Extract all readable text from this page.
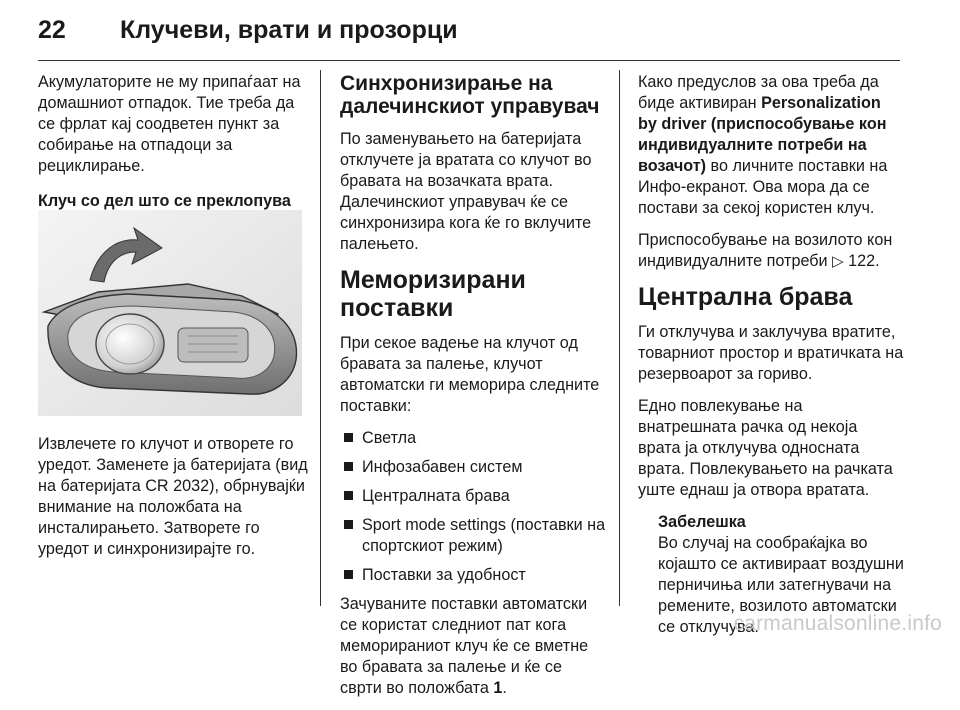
22 Клучеви, врати и прозорци

Акумулаторите не му припаѓаат на домашниот отпадок. Тие треба да се фрлат кај соодветен пункт за собирање на отпадоци за рециклирање.

Клуч со дел што се преклопува

Извлечете го клучот и отворете го уредот. Заменете ја батеријата (вид на батеријата CR 2032), обрнувајќи внимание на положбата на инсталирањето. Затворете го уредот и синхронизирајте го.

Синхронизирање на далечинскиот управувач

По заменувањето на батеријата отклучете ја вратата со клучот во бравата на возачката врата. Далечинскиот управувач ќе се синхронизира кога ќе го вклучите палењето.

Меморизирани поставки

При секое вадење на клучот од бравата за палење, клучот автоматски ги меморира следните поставки:

Светла
Инфозабавен систем
Централната брава
Sport mode settings (поставки на спортскиот режим)
Поставки за удобност

Зачуваните поставки автоматски се користат следниот пат кога меморираниот клуч ќе се вметне во бравата за палење и ќе се сврти во положбата 1.

Како предуслов за ова треба да биде активиран Personalization by driver (приспособување кон индивидуалните потреби на возачот) во личните поставки на Инфо-екранот. Ова мора да се постави за секој користен клуч.

Приспособување на возилото кон индивидуалните потреби ▷ 122.

Централна брава

Ги отклучува и заклучува вратите, товарниот простор и вратичката на резервоарот за гориво.

Едно повлекување на внатрешната рачка од некоја врата ја отклучува односната врата. Повлекувањето на рачката уште еднаш ја отвора вратата.

Забелешка
Во случај на сообраќајка во којашто се активираат воздушни перничиња или затегнувачи на ремените, возилото автоматски се отклучува.
carmanualsonline.info
